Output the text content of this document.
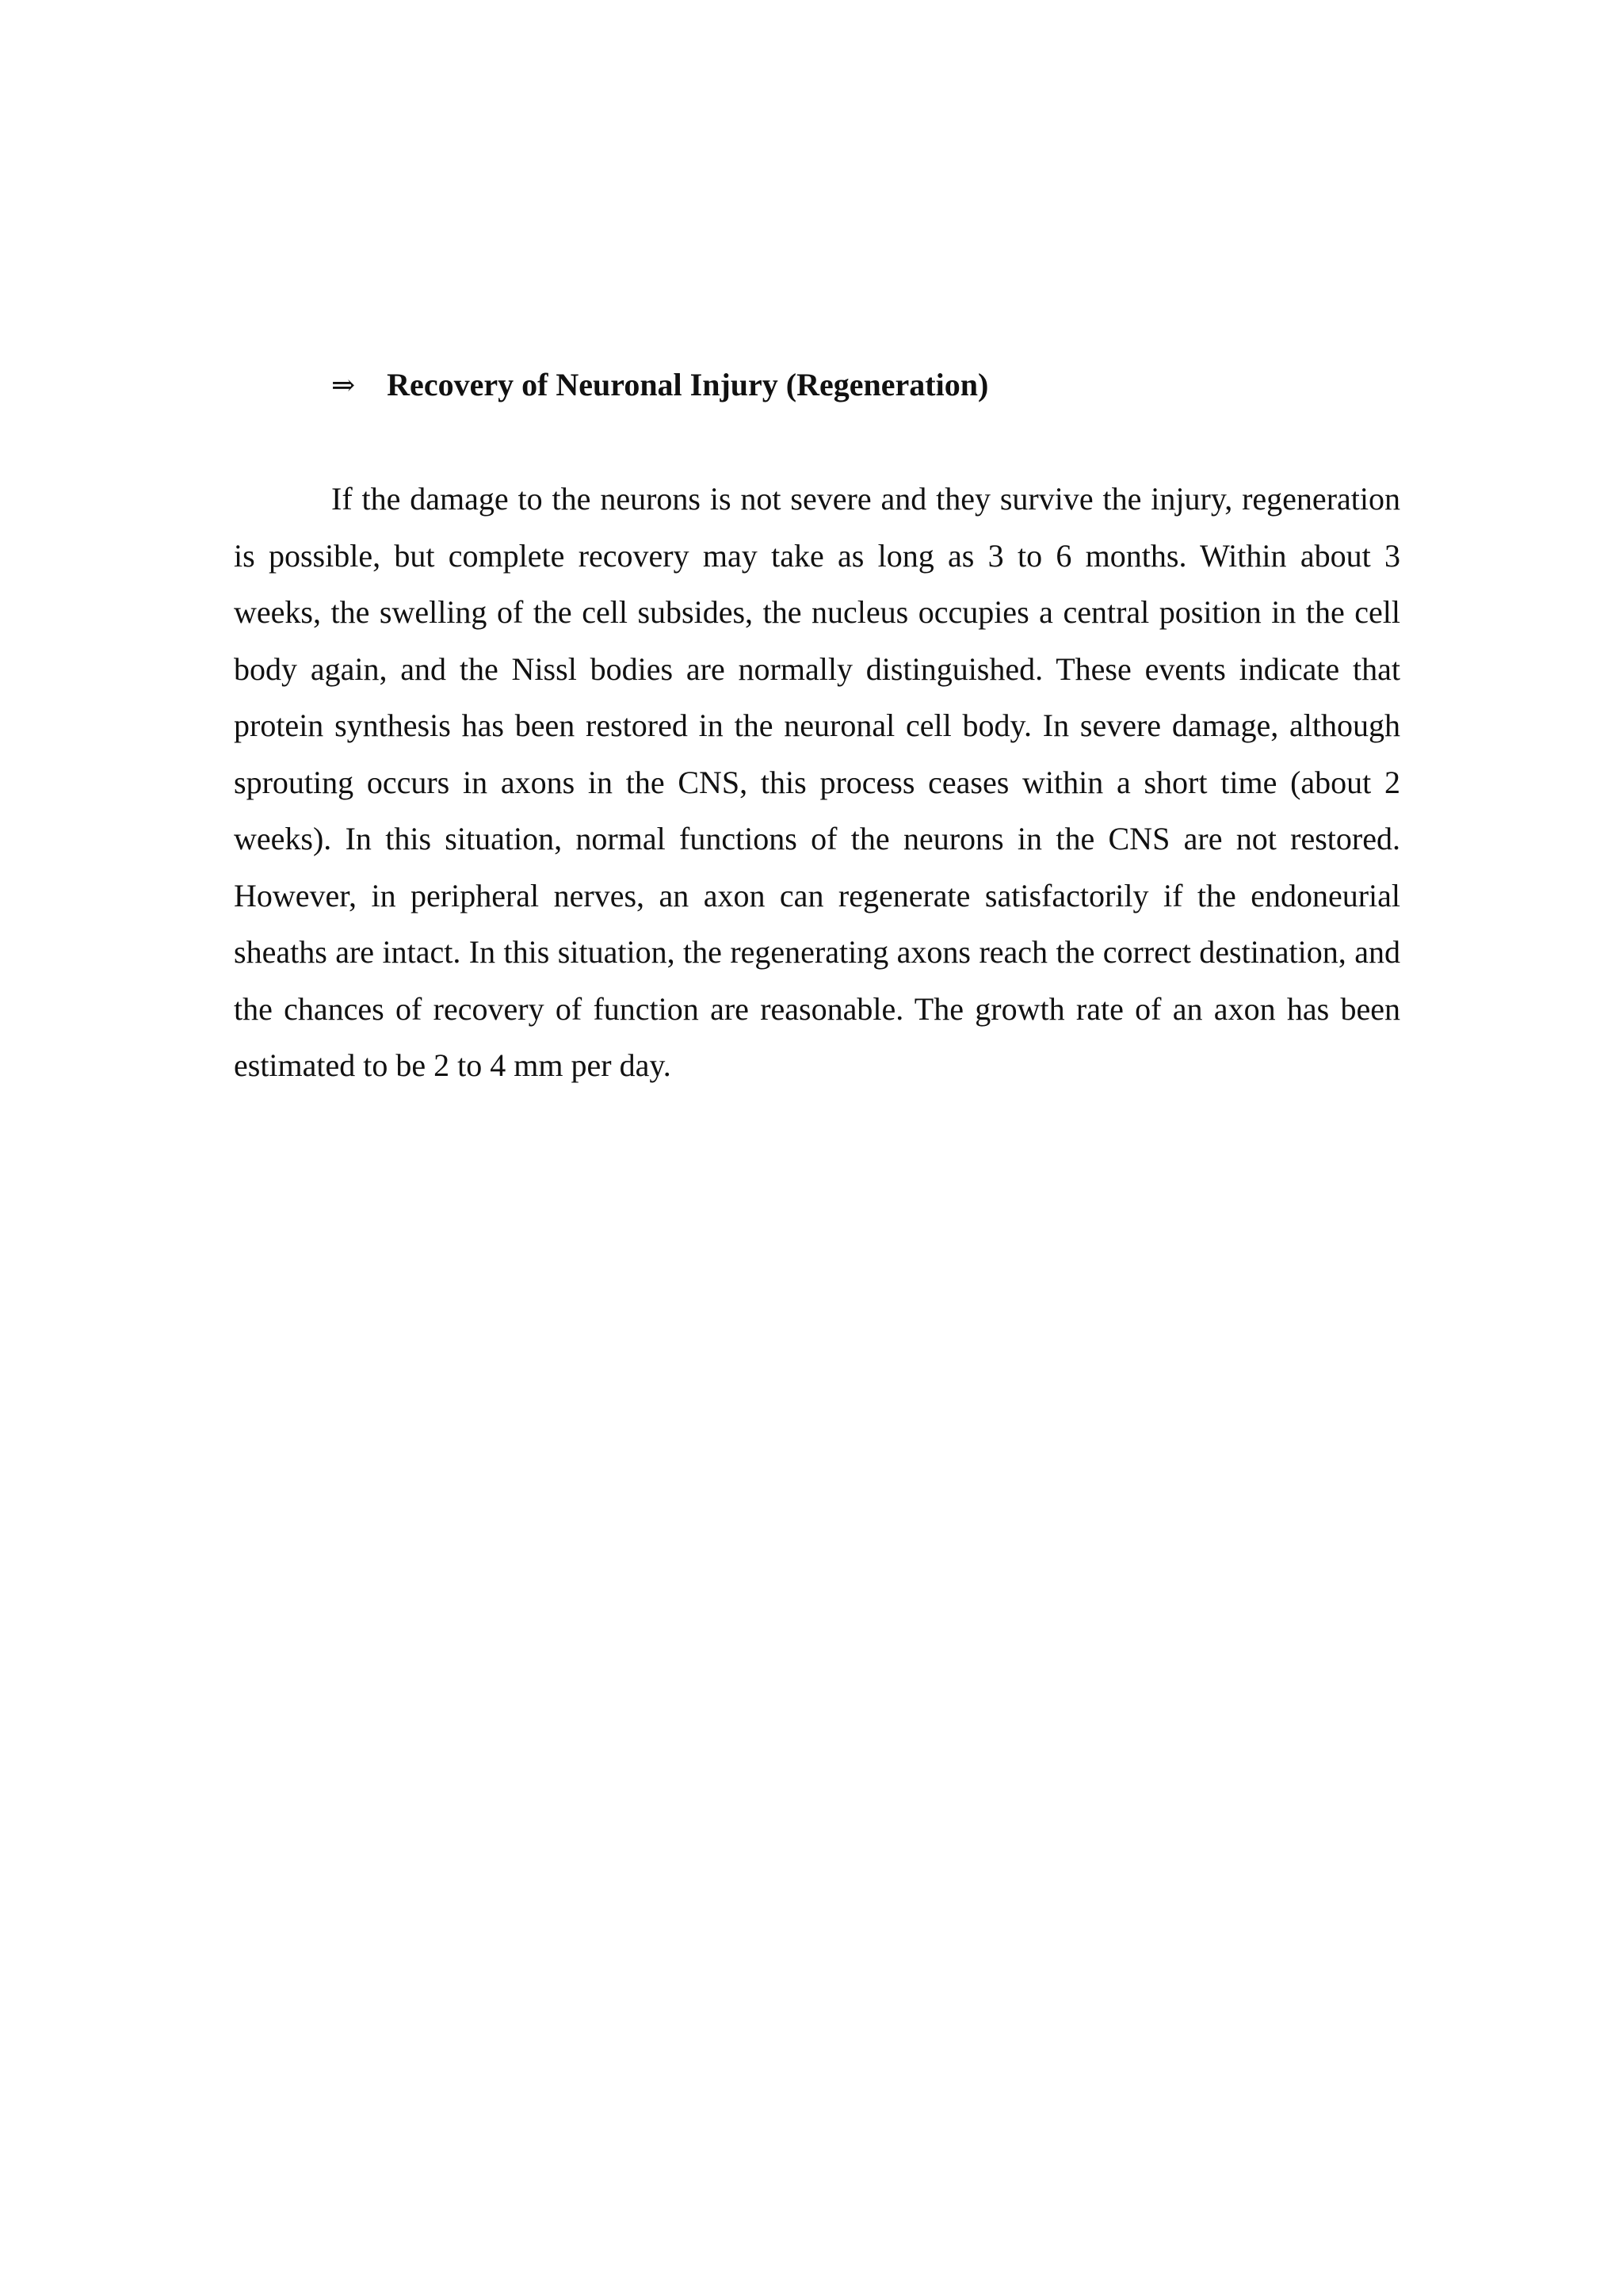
⇒ Recovery of Neuronal Injury (Regeneration)

If the damage to the neurons is not severe and they survive the injury, regeneration is possible, but complete recovery may take as long as 3 to 6 months. Within about 3 weeks, the swelling of the cell subsides, the nucleus occupies a central position in the cell body again, and the Nissl bodies are normally distinguished. These events indicate that protein synthesis has been restored in the neuronal cell body. In severe damage, although sprouting occurs in axons in the CNS, this process ceases within a short time (about 2 weeks). In this situation, normal functions of the neurons in the CNS are not restored. However, in peripheral nerves, an axon can regenerate satisfactorily if the endoneurial sheaths are intact. In this situation, the regenerating axons reach the correct destination, and the chances of recovery of function are reasonable. The growth rate of an axon has been estimated to be 2 to 4 mm per day.
